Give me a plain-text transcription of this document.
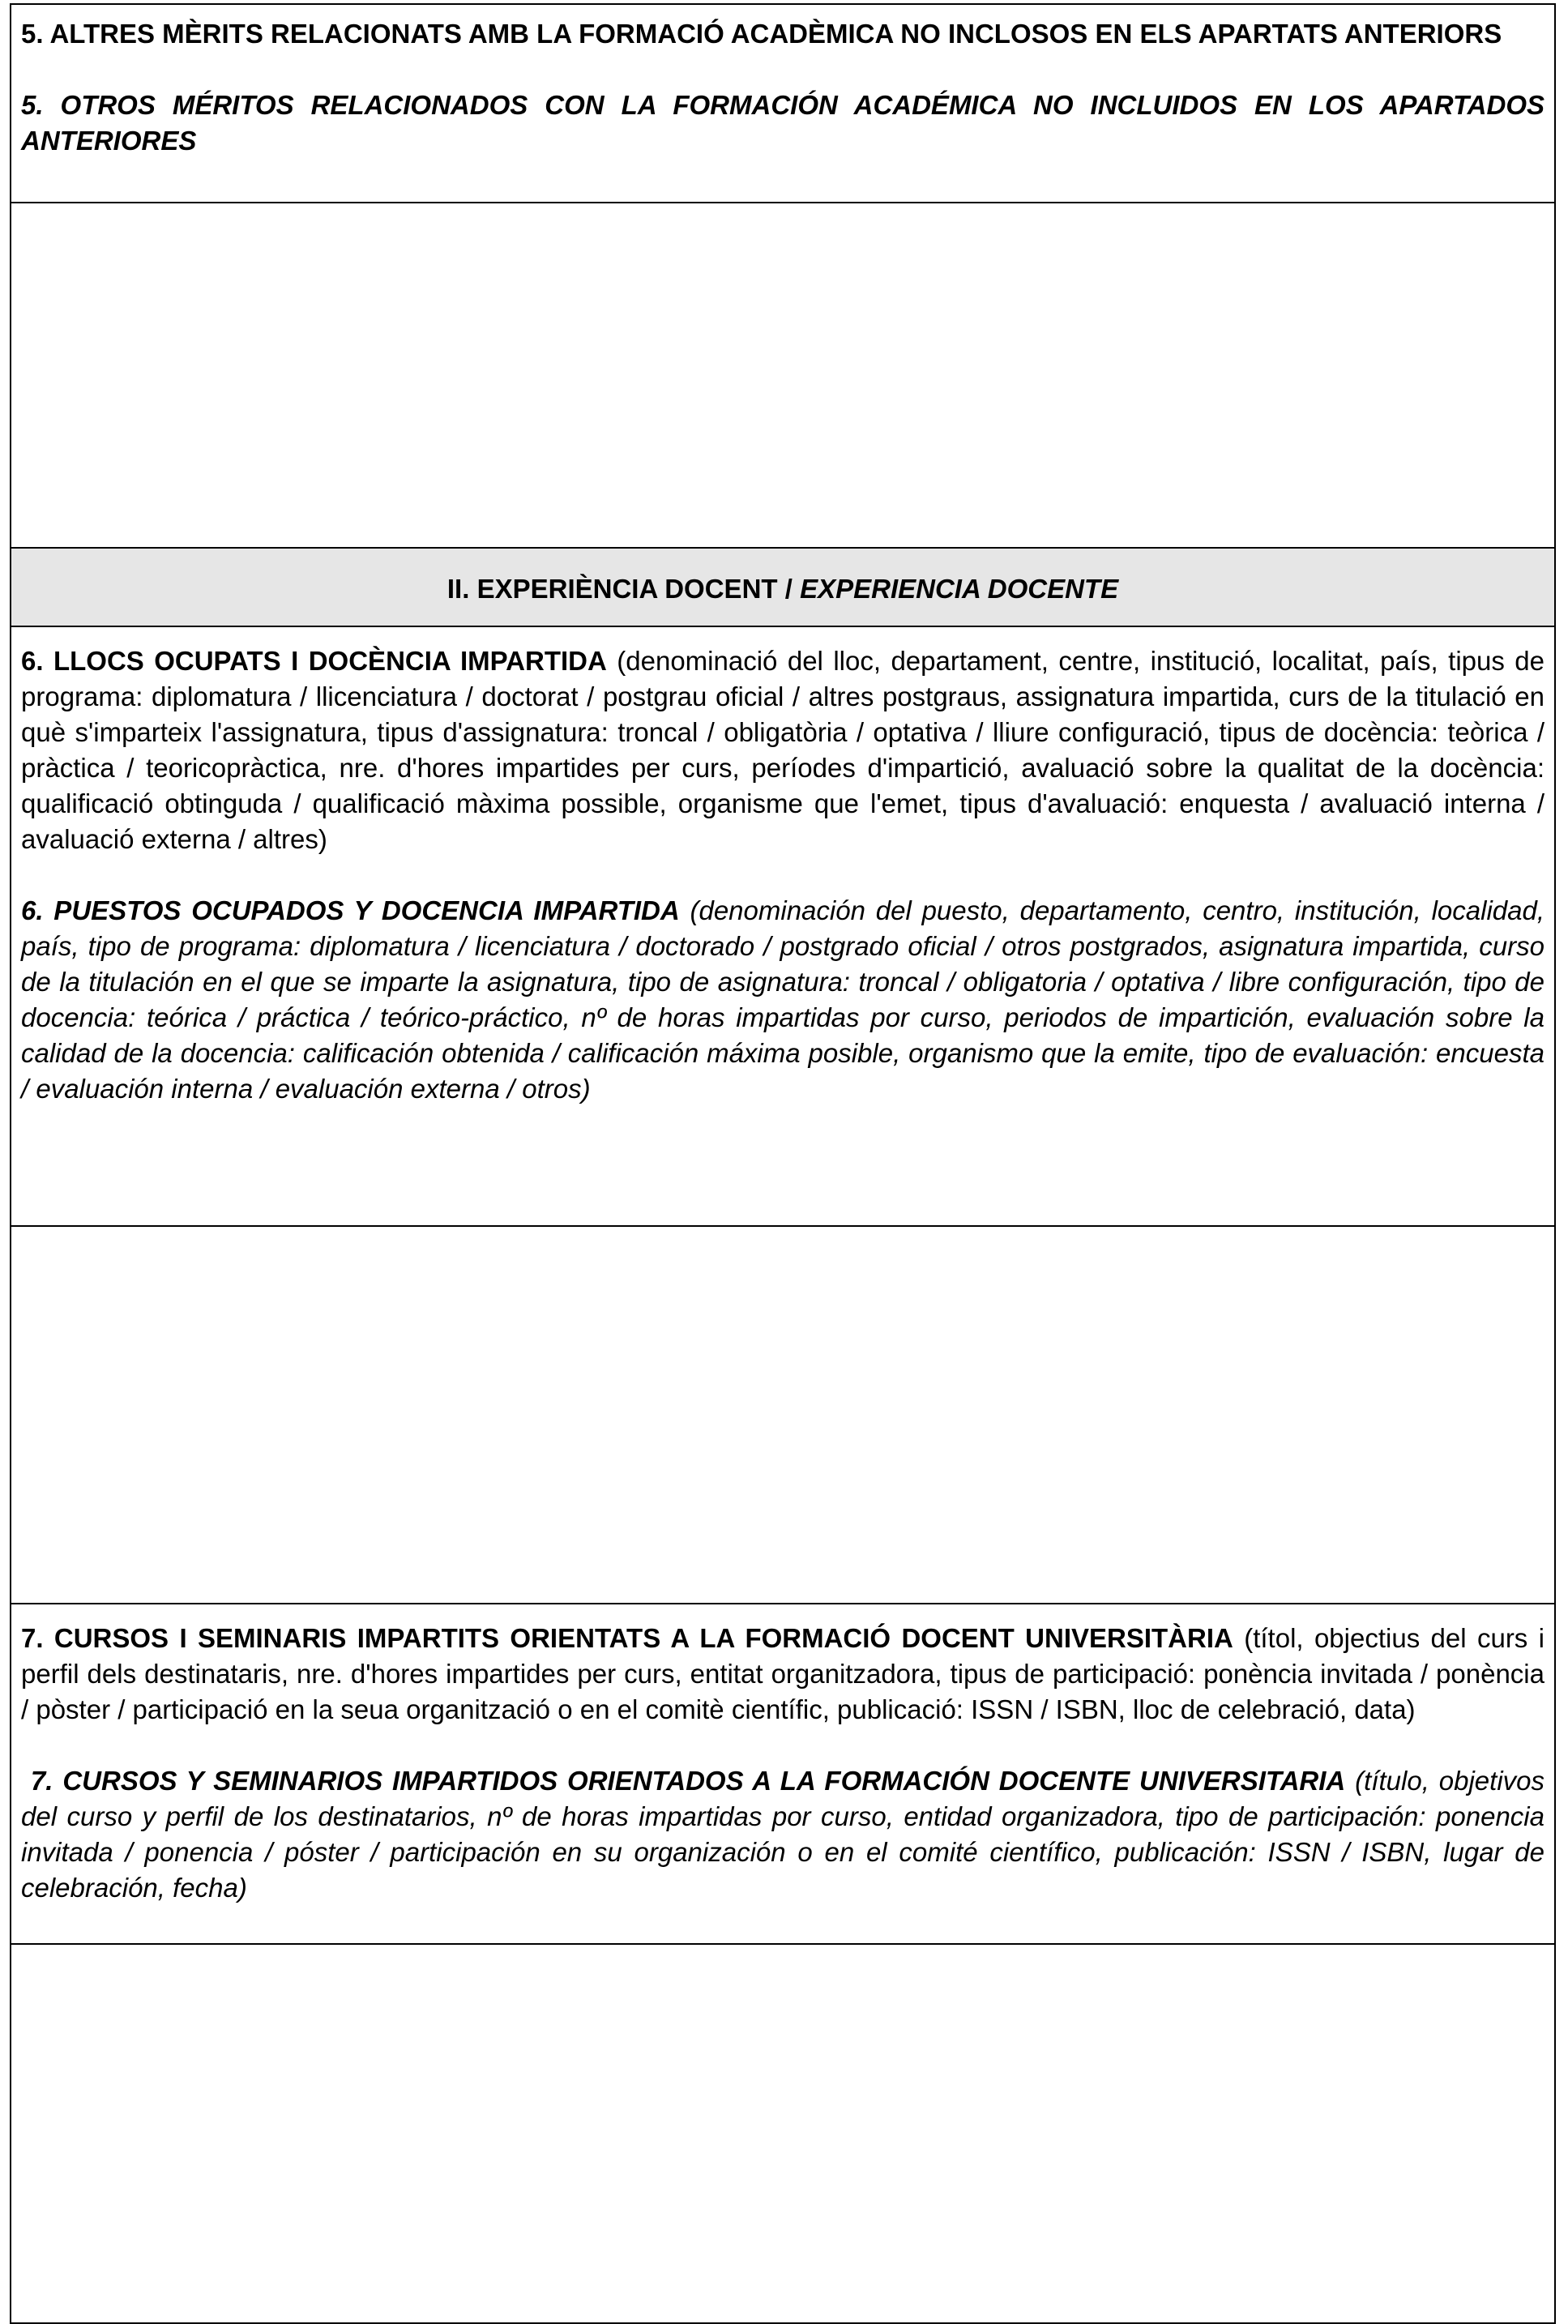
5. ALTRES MÈRITS RELACIONATS AMB LA FORMACIÓ ACADÈMICA NO INCLOSOS EN ELS APARTATS ANTERIORS

5. OTROS MÉRITOS RELACIONADOS CON LA FORMACIÓN ACADÉMICA NO INCLUIDOS EN LOS APARTADOS ANTERIORES

II. EXPERIÈNCIA DOCENT / EXPERIENCIA DOCENTE

6. LLOCS OCUPATS I DOCÈNCIA IMPARTIDA (denominació del lloc, departament, centre, institució, localitat, país, tipus de programa: diplomatura / llicenciatura / doctorat / postgrau oficial / altres postgraus, assignatura impartida, curs de la titulació en què s'imparteix l'assignatura, tipus d'assignatura: troncal / obligatòria / optativa / lliure configuració, tipus de docència: teòrica / pràctica / teoricopràctica, nre. d'hores impartides per curs, períodes d'impartició, avaluació sobre la qualitat de la docència: qualificació obtinguda / qualificació màxima possible, organisme que l'emet, tipus d'avaluació: enquesta / avaluació interna / avaluació externa / altres)

6. PUESTOS OCUPADOS Y DOCENCIA IMPARTIDA (denominación del puesto, departamento, centro, institución, localidad, país, tipo de programa: diplomatura / licenciatura / doctorado / postgrado oficial / otros postgrados, asignatura impartida, curso de la titulación en el que se imparte la asignatura, tipo de asignatura: troncal / obligatoria / optativa / libre configuración, tipo de docencia: teórica / práctica / teórico-práctico, nº de horas impartidas por curso, periodos de impartición, evaluación sobre la calidad de la docencia: calificación obtenida / calificación máxima posible, organismo que la emite, tipo de evaluación: encuesta / evaluación interna / evaluación externa / otros)

7. CURSOS I SEMINARIS IMPARTITS ORIENTATS A LA FORMACIÓ DOCENT UNIVERSITÀRIA (títol, objectius del curs i perfil dels destinataris, nre. d'hores impartides per curs, entitat organitzadora, tipus de participació: ponència invitada / ponència / pòster / participació en la seua organització o en el comitè científic, publicació: ISSN / ISBN, lloc de celebració, data)

7. CURSOS Y SEMINARIOS IMPARTIDOS ORIENTADOS A LA FORMACIÓN DOCENTE UNIVERSITARIA (título, objetivos del curso y perfil de los destinatarios, nº de horas impartidas por curso, entidad organizadora, tipo de participación: ponencia invitada / ponencia / póster / participación en su organización o en el comité científico, publicación: ISSN / ISBN, lugar de celebración, fecha)
